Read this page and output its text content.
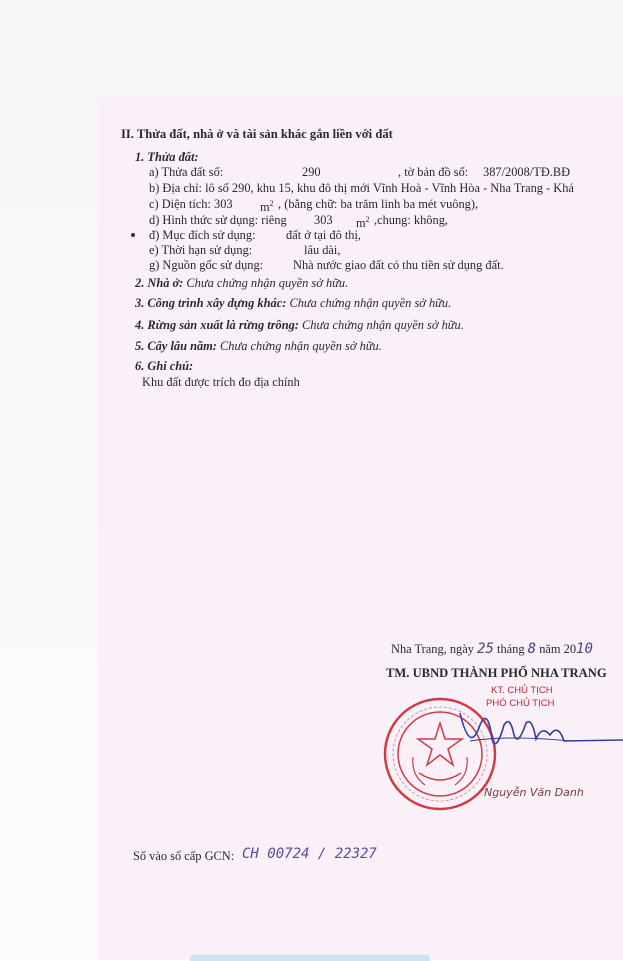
II. Thửa đất, nhà ở và tài sản khác gắn liền với đất
1. Thửa đất:
a) Thửa đất số:	290	, tờ bản đồ số: 387/2008/TĐ.BĐ
b) Địa chỉ: lô số 290, khu 15, khu đô thị mới Vĩnh Hoà - Vĩnh Hòa - Nha Trang - Khá
c) Diện tích: 303 $m^2$ , (bằng chữ: ba trăm linh ba mét vuông),
d) Hình thức sử dụng: riêng 303 $m^2$ ,chung: không,
đ) Mục đích sử dụng: đất ở tại đô thị,
e) Thời hạn sử dụng:	lâu dài,
g) Nguồn gốc sử dụng: Nhà nước giao đất có thu tiền sử dụng đất.
2. Nhà ở: Chưa chứng nhận quyền sở hữu.
3. Công trình xây dựng khác: Chưa chứng nhận quyền sở hữu.
4. Rừng sản xuất là rừng trồng: Chưa chứng nhận quyền sở hữu.
5. Cây lâu năm: Chưa chứng nhận quyền sở hữu.
6. Ghi chú:
Khu đất được trích đo địa chính
Nha Trang, ngày 25 tháng 8 năm 2010
TM. UBND THÀNH PHỐ NHA TRANG
KT. CHỦ TỊCH
PHÓ CHỦ TỊCH
Nguyễn Văn Danh
Số vào sổ cấp GCN: CH 00724 / 22327
